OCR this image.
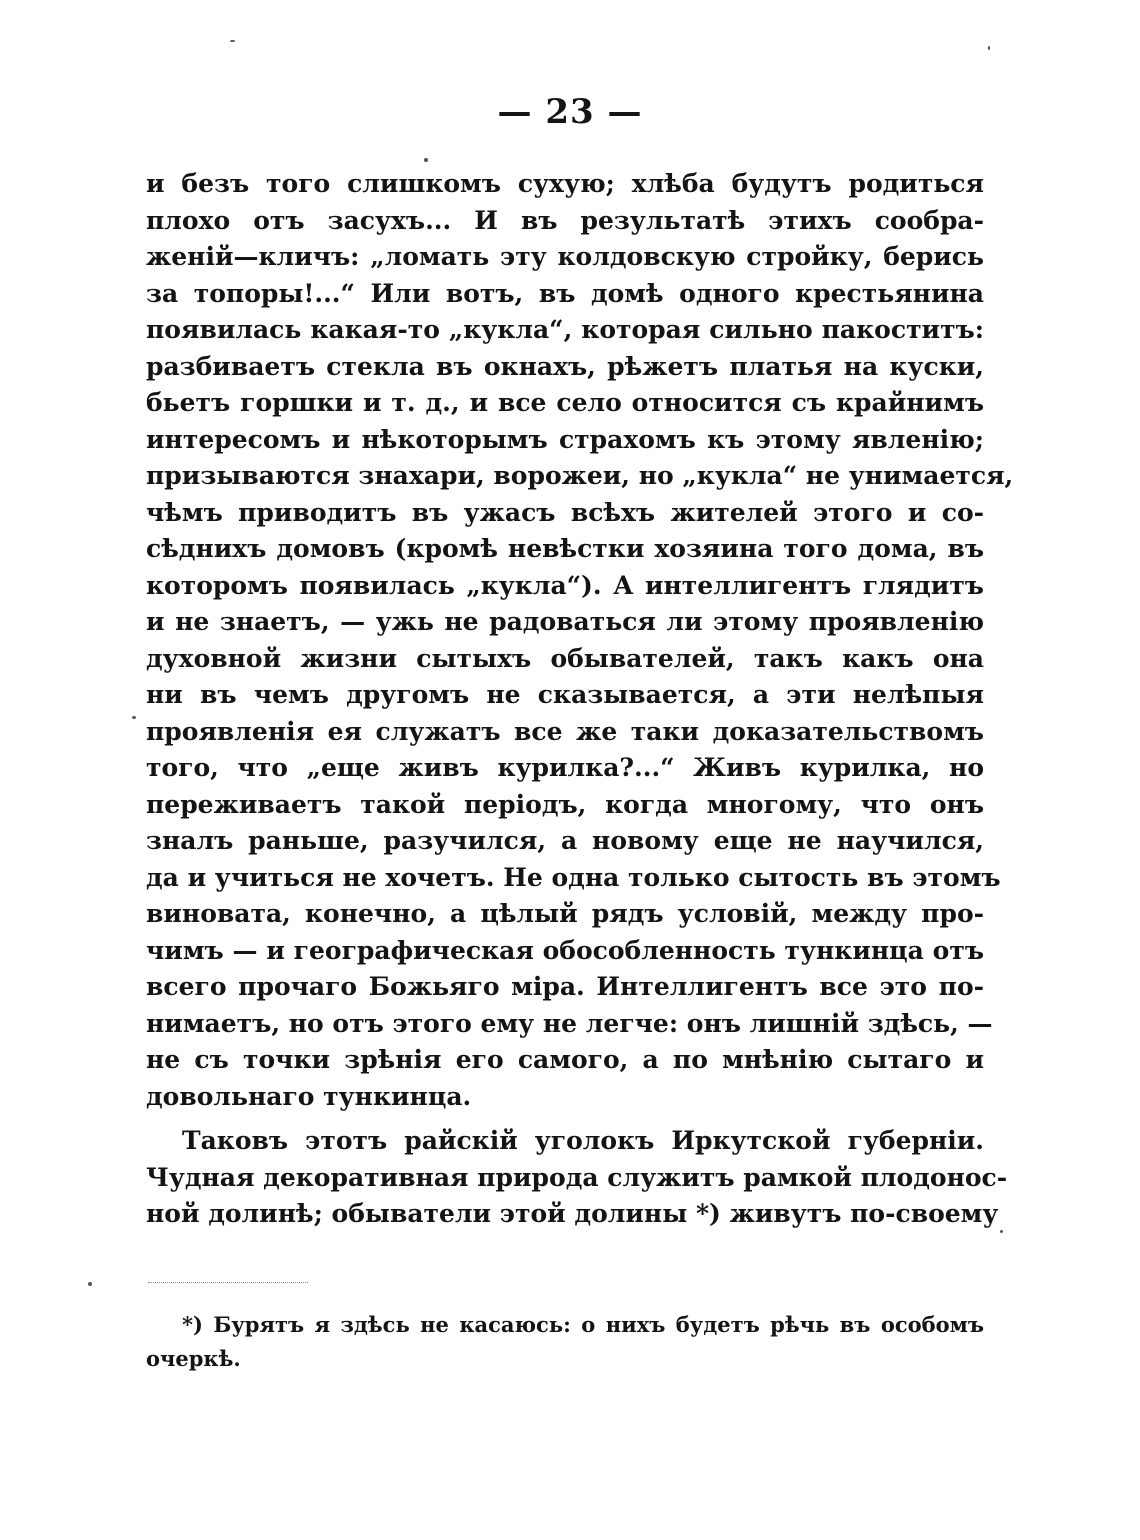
— 23 —
и безъ того слишкомъ сухую; хлѣба будутъ родиться
плохо отъ засухъ... И въ результатѣ этихъ сообра-
женій—кличъ: „ломать эту колдовскую стройку, берись
за топоры!...“ Или вотъ, въ домѣ одного крестьянина
появилась какая-то „кукла“, которая сильно пакоститъ:
разбиваетъ стекла въ окнахъ, рѣжетъ платья на куски,
бьетъ горшки и т. д., и все село относится съ крайнимъ
интересомъ и нѣкоторымъ страхомъ къ этому явленію;
призываются знахари, ворожеи, но „кукла“ не унимается,
чѣмъ приводитъ въ ужасъ всѣхъ жителей этого и со-
сѣднихъ домовъ (кромѣ невѣстки хозяина того дома, въ
которомъ появилась „кукла“). А интеллигентъ глядитъ
и не знаетъ, — ужь не радоваться ли этому проявленію
духовной жизни сытыхъ обывателей, такъ какъ она
ни въ чемъ другомъ не сказывается, а эти нелѣпыя
проявленія ея служатъ все же таки доказательствомъ
того, что „еще живъ курилка?...“ Живъ курилка, но
переживаетъ такой періодъ, когда многому, что онъ
зналъ раньше, разучился, а новому еще не научился,
да и учиться не хочетъ. Не одна только сытость въ этомъ
виновата, конечно, а цѣлый рядъ условій, между про-
чимъ — и географическая обособленность тункинца отъ
всего прочаго Божьяго міра. Интеллигентъ все это по-
нимаетъ, но отъ этого ему не легче: онъ лишній здѣсь, —
не съ точки зрѣнія его самого, а по мнѣнію сытаго и
довольнаго тункинца.
Таковъ этотъ райскій уголокъ Иркутской губерніи.
Чудная декоративная природа служитъ рамкой плодонос-
ной долинѣ; обыватели этой долины *) живутъ по-своему
*) Бурятъ я здѣсь не касаюсь: о нихъ будетъ рѣчь въ особомъ
очеркѣ.
